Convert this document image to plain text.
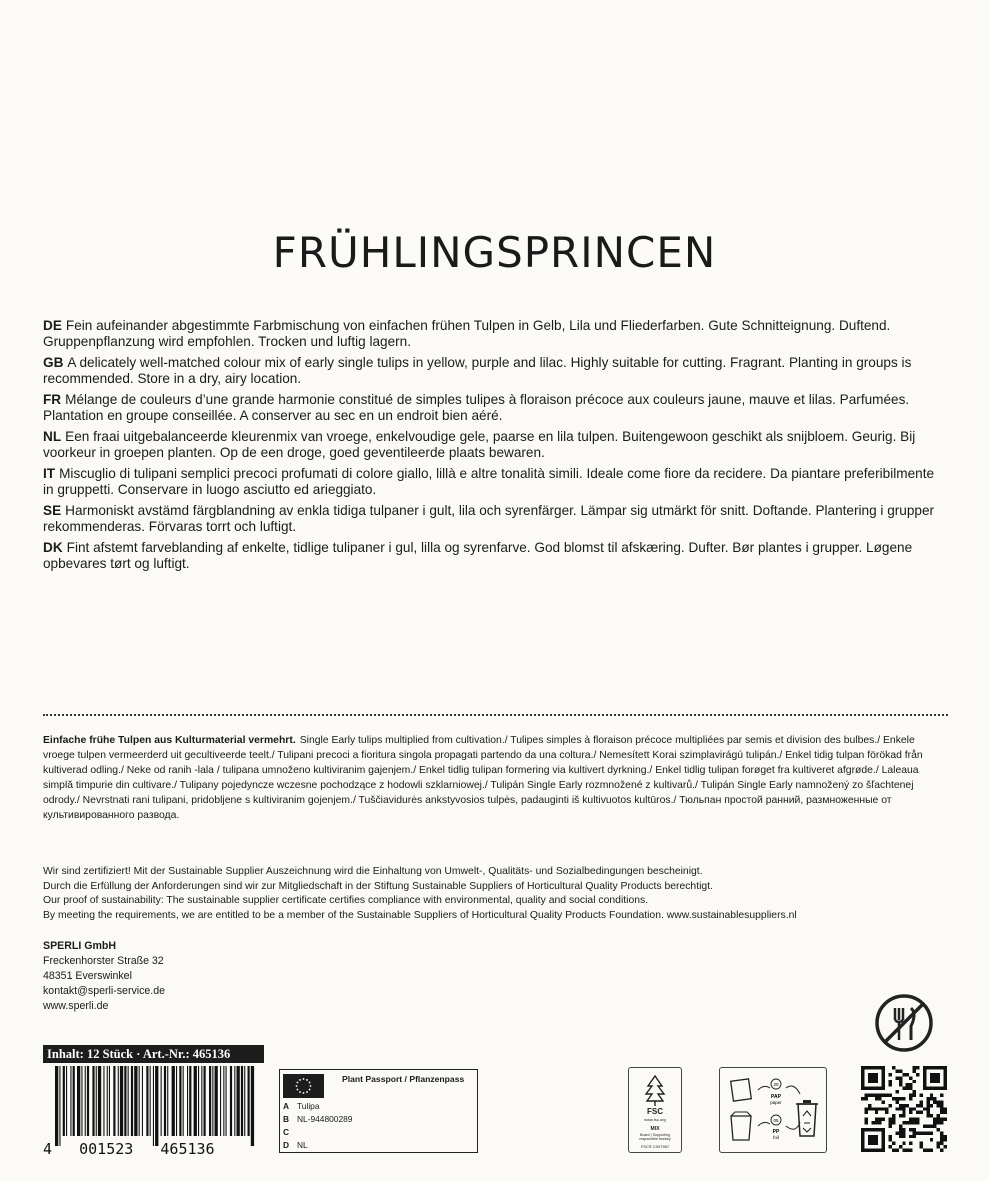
FRÜHLINGSPRINCEN

DE Fein aufeinander abgestimmte Farbmischung von einfachen frühen Tulpen in Gelb, Lila und Fliederfarben. Gute Schnitteignung. Duftend. Gruppenpflanzung wird empfohlen. Trocken und luftig lagern.

GB A delicately well-matched colour mix of early single tulips in yellow, purple and lilac. Highly suitable for cutting. Fragrant. Planting in groups is recommended. Store in a dry, airy location.

FR Mélange de couleurs d’une grande harmonie constitué de simples tulipes à floraison précoce aux couleurs jaune, mauve et lilas. Parfumées. Plantation en groupe conseillée. A conserver au sec en un endroit bien aéré.

NL Een fraai uitgebalanceerde kleurenmix van vroege, enkelvoudige gele, paarse en lila tulpen. Buitengewoon geschikt als snijbloem. Geurig. Bij voorkeur in groepen planten. Op de een droge, goed geventileerde plaats bewaren.

IT Miscuglio di tulipani semplici precoci profumati di colore giallo, lillà e altre tonalità simili. Ideale come fiore da recidere. Da piantare preferibilmente in gruppetti. Conservare in luogo asciutto ed arieggiato.

SE Harmoniskt avstämd färgblandning av enkla tidiga tulpaner i gult, lila och syrenfärger. Lämpar sig utmärkt för snitt. Doftande. Plantering i grupper rekommenderas. Förvaras torrt och luftigt.

DK Fint afstemt farveblanding af enkelte, tidlige tulipaner i gul, lilla og syrenfarve. God blomst til afskæring. Dufter. Bør plantes i grupper. Løgene opbevares tørt og luftigt.

Einfache frühe Tulpen aus Kulturmaterial vermehrt. Single Early tulips multiplied from cultivation./ Tulipes simples à floraison précoce multipliées par semis et division des bulbes./ Enkele vroege tulpen vermeerderd uit gecultiveerde teelt./ Tulipani precoci a fioritura singola propagati partendo da una coltura./ Nemesített Korai szimplavirágú tulipán./ Enkel tidig tulpan förökad från kultiverad odling./ Neke od ranih -lala / tulipana umnoženo kultiviranim gajenjem./ Enkel tidlig tulipan formering via kultivert dyrkning./ Enkel tidlig tulipan forøget fra kultiveret afgrøde./ Laleaua simplă timpurie din cultivare./ Tulipany pojedyncze wczesne pochodzące z hodowli szklarniowej./ Tulipán Single Early rozmnožené z kultivarů./ Tulipán Single Early namnožený zo šľachtenej odrody./ Nevrstnati rani tulipani, pridobljene s kultiviranim gojenjem./ Tuščiavidurės ankstyvosios tulpės, padauginti iš kultivuotos kultūros./ Тюльпан простой ранний, размноженные от культивированного развода.
Wir sind zertifiziert! Mit der Sustainable Supplier Auszeichnung wird die Einhaltung von Umwelt-, Qualitäts- und Sozialbedingungen bescheinigt.
Durch die Erfüllung der Anforderungen sind wir zur Mitgliedschaft in der Stiftung Sustainable Suppliers of Horticultural Quality Products berechtigt.
Our proof of sustainability: The sustainable supplier certificate certifies compliance with environmental, quality and social conditions.
By meeting the requirements, we are entitled to be a member of the Sustainable Suppliers of Horticultural Quality Products Foundation. www.sustainablesuppliers.nl
SPERLI GmbH
Freckenhorster Straße 32
48351 Everswinkel
kontakt@sperli-service.de
www.sperli.de
Inhalt: 12 Stück · Art.-Nr.: 465136
4   001523   465136
Plant Passport / Pflanzenpass
A Tulipa
B NL-944800289
C
D NL
FSC
www.fsc.org
MIX
Board | Supporting
responsible forestry
FSC® C007957
20
PAP
paper
05
PP
foil
